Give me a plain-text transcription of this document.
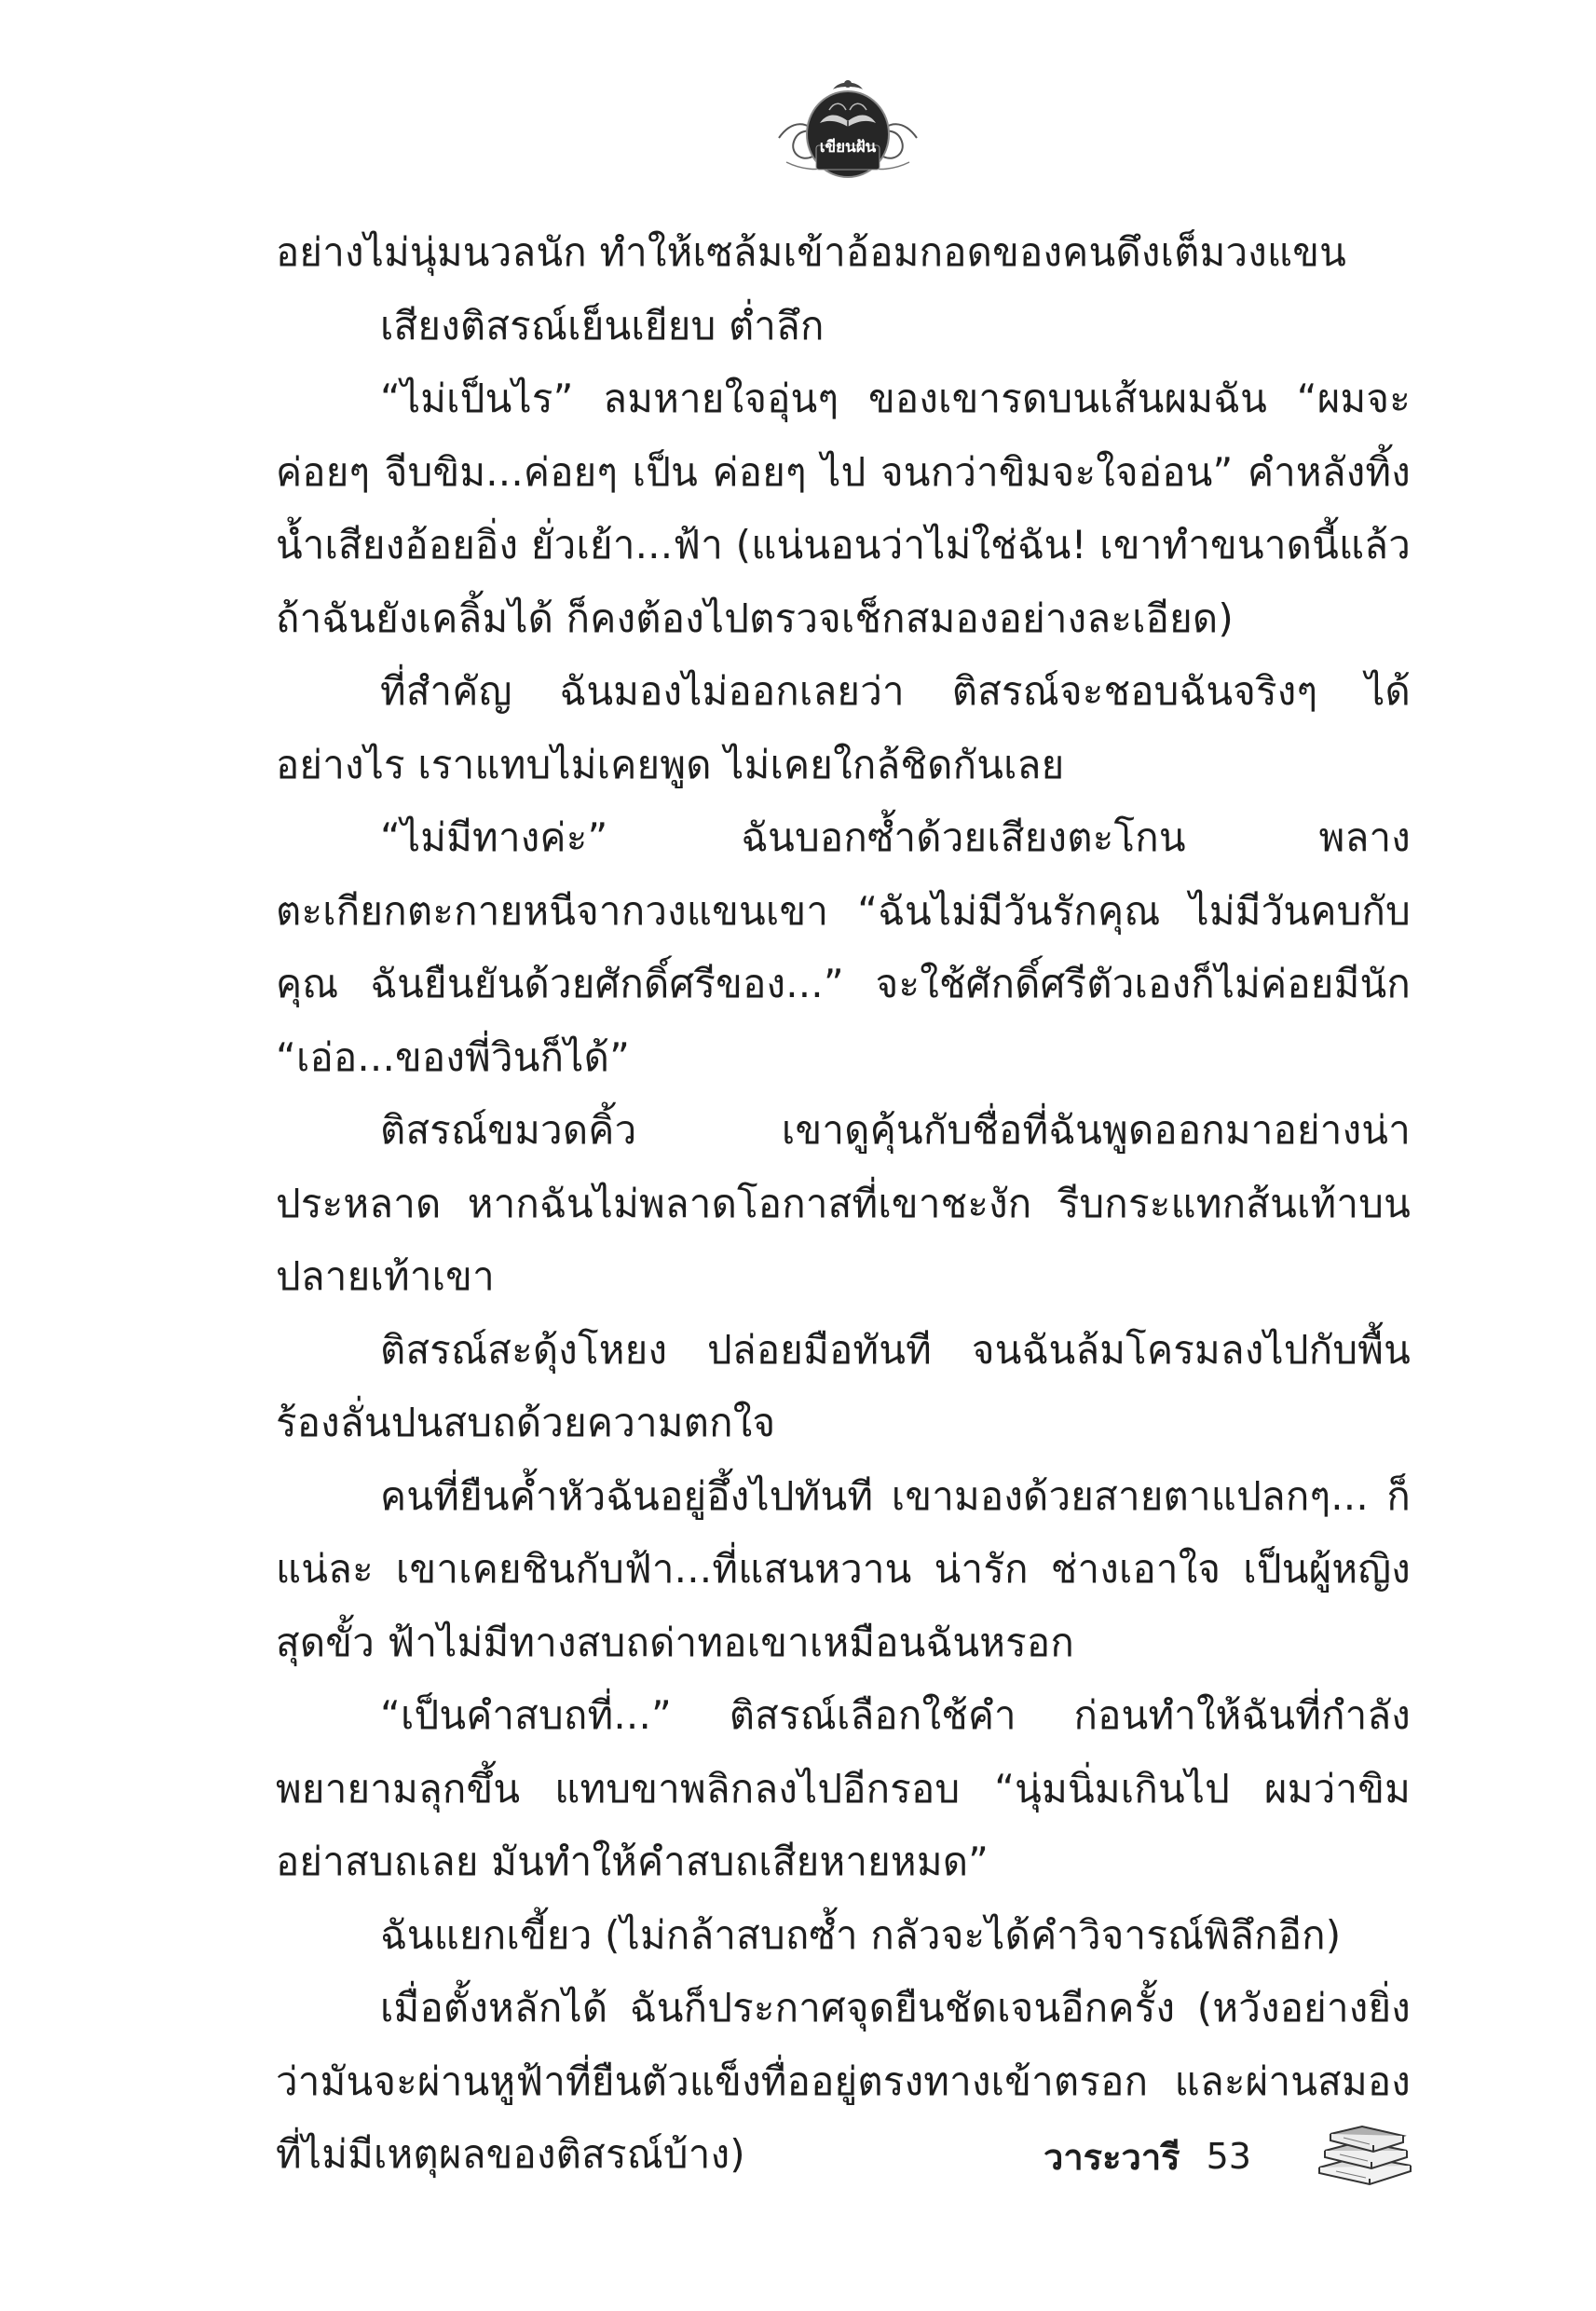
เขียนฝัน

อย่างไม่นุ่มนวลนัก ทำให้เซล้มเข้าอ้อมกอดของคนดึงเต็มวงแขน

เสียงติสรณ์เย็นเยียบ ต่ำลึก

“ไม่เป็นไร” ลมหายใจอุ่นๆ ของเขารดบนเส้นผมฉัน “ผมจะค่อยๆ จีบขิม...ค่อยๆ เป็น ค่อยๆ ไป จนกว่าขิมจะใจอ่อน” คำหลังทิ้งน้ำเสียงอ้อยอิ่ง ยั่วเย้า...ฟ้า (แน่นอนว่าไม่ใช่ฉัน! เขาทำขนาดนี้แล้ว ถ้าฉันยังเคลิ้มได้ ก็คงต้องไปตรวจเช็กสมองอย่างละเอียด)

ที่สำคัญ ฉันมองไม่ออกเลยว่า ติสรณ์จะชอบฉันจริงๆ ได้อย่างไร เราแทบไม่เคยพูด ไม่เคยใกล้ชิดกันเลย

“ไม่มีทางค่ะ” ฉันบอกซ้ำด้วยเสียงตะโกน พลางตะเกียกตะกายหนีจากวงแขนเขา “ฉันไม่มีวันรักคุณ ไม่มีวันคบกับคุณ ฉันยืนยันด้วยศักดิ์ศรีของ...” จะใช้ศักดิ์ศรีตัวเองก็ไม่ค่อยมีนัก “เอ่อ...ของพี่วินก็ได้”

ติสรณ์ขมวดคิ้ว เขาดูคุ้นกับชื่อที่ฉันพูดออกมาอย่างน่าประหลาด หากฉันไม่พลาดโอกาสที่เขาชะงัก รีบกระแทกส้นเท้าบนปลายเท้าเขา

ติสรณ์สะดุ้งโหยง ปล่อยมือทันที จนฉันล้มโครมลงไปกับพื้น ร้องลั่นปนสบถด้วยความตกใจ

คนที่ยืนค้ำหัวฉันอยู่อึ้งไปทันที เขามองด้วยสายตาแปลกๆ... ก็แน่ละ เขาเคยชินกับฟ้า...ที่แสนหวาน น่ารัก ช่างเอาใจ เป็นผู้หญิงสุดขั้ว ฟ้าไม่มีทางสบถด่าทอเขาเหมือนฉันหรอก

“เป็นคำสบถที่...” ติสรณ์เลือกใช้คำ ก่อนทำให้ฉันที่กำลังพยายามลุกขึ้น แทบขาพลิกลงไปอีกรอบ “นุ่มนิ่มเกินไป ผมว่าขิมอย่าสบถเลย มันทำให้คำสบถเสียหายหมด”

ฉันแยกเขี้ยว (ไม่กล้าสบถซ้ำ กลัวจะได้คำวิจารณ์พิลึกอีก)

เมื่อตั้งหลักได้ ฉันก็ประกาศจุดยืนชัดเจนอีกครั้ง (หวังอย่างยิ่งว่ามันจะผ่านหูฟ้าที่ยืนตัวแข็งทื่ออยู่ตรงทางเข้าตรอก และผ่านสมองที่ไม่มีเหตุผลของติสรณ์บ้าง)	วาระวารี 53
